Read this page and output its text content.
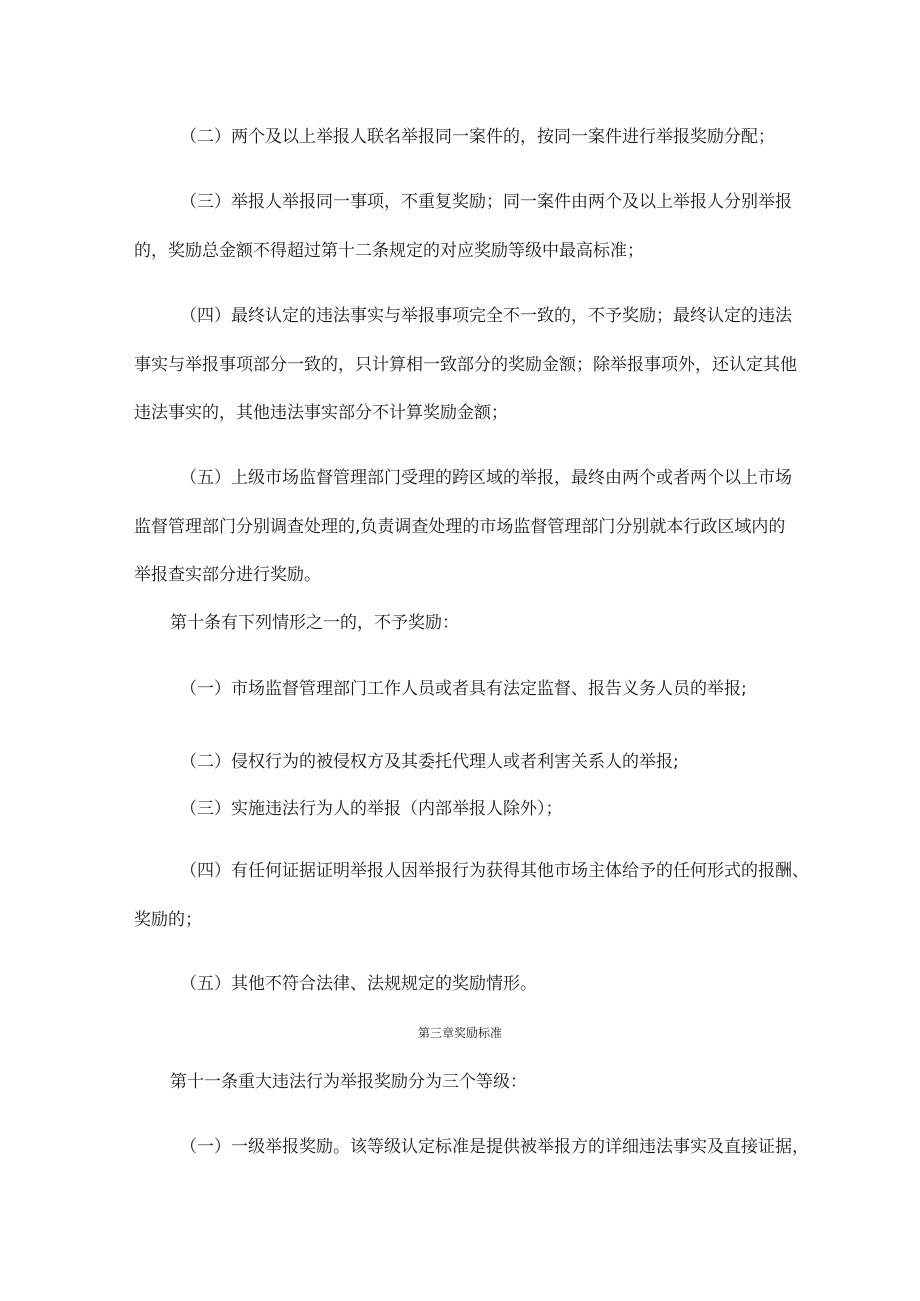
（二）两个及以上举报人联名举报同一案件的，按同一案件进行举报奖励分配；
（三）举报人举报同一事项，不重复奖励；同一案件由两个及以上举报人分别举报
的，奖励总金额不得超过第十二条规定的对应奖励等级中最高标准；
（四）最终认定的违法事实与举报事项完全不一致的，不予奖励；最终认定的违法
事实与举报事项部分一致的，只计算相一致部分的奖励金额；除举报事项外，还认定其他
违法事实的，其他违法事实部分不计算奖励金额；
（五）上级市场监督管理部门受理的跨区域的举报，最终由两个或者两个以上市场
监督管理部门分别调查处理的,负责调查处理的市场监督管理部门分别就本行政区域内的
举报查实部分进行奖励。
第十条有下列情形之一的，不予奖励：
（一）市场监督管理部门工作人员或者具有法定监督、报告义务人员的举报;
（二）侵权行为的被侵权方及其委托代理人或者利害关系人的举报;
（三）实施违法行为人的举报（内部举报人除外）；
（四）有任何证据证明举报人因举报行为获得其他市场主体给予的任何形式的报酬、
奖励的；
（五）其他不符合法律、法规规定的奖励情形。
第三章奖励标准
第十一条重大违法行为举报奖励分为三个等级：
（一）一级举报奖励。该等级认定标准是提供被举报方的详细违法事实及直接证据，
